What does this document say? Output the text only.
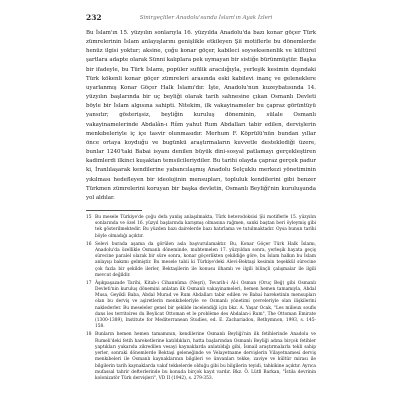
Sinirgeçliler Anadolu'sunda İslam'ın Ayak İzleri
232

Bu İslam'ın 15. yüzyılın sonlarıyla 16. yüzyılda Anadolu'da bazı konar göçer Türk zümrelerinin İslam anlayışlarını genişlikle etkileyen Şii motiflerle bu dönemlerde henüz ilgisi yoktur; aksine, çoğu konar göçer, kabileci soyseksenenlik ve kültürel şartlara adapte olarak Sünni kalıplara pek uymayan bir sistiğe bürünmüştür. Başka bir ifadeyle, bu Türk İslamı, popüler sufilik aracılığıyla, yerleşik kesimin dışındaki Türk kökenli konar göçer zümreleri arasında eski kabilevi inanç ve geleneklere uyarlanmış Konar Göçer Halk İslamı'dır. İşte, Anadolu'nun kuzeybatısında 14. yüzyılın başlarında bir uç beyliği olarak tarih sahnesine çıkan Osmanlı Devleti böyle bir İslam algısına sahipti. Nitekim, ilk vakayinameler bu çapraz görüntüyü yansıtır; gösterişsiz, beyliğin kuruluş döneminin, sülale Osmanlı vakayinamelerinde Abdalân-ı Rûm yahut Rum Abdalları tabir edilen, dervişlerin menkıbeleriyle iç içe tasvir olunmasıdır. Merhum F. Köprülü'nün bundan yıllar önce ortaya koyduğu ve bugünkü araştırmaların kuvvetle desteklediği üzere, bunlar 1240'taki Babai isyanı denilen büyük dini-sosyal patlamayı gerçekleştiren kadimlerdi ilkinci kuşaktan temsilcileriydiler. Bu tarihi olayda çapraz gerçek padur ki, İranlılaşarak kendilerine yabancılaşmış Anadolu Selçuklu merkezi yönetiminin yıkılması hedefleyen bir ideolojinin mensupları, topluluk kendilerini gibi benzer Türkmen zümrelerini koruyan bir başka devletin, Osmanlı Beyliği'nin kuruluşunda yol aldılar.

15 Bu mesele Türkiye'de çoğu defa yanlış anlaşılmakta, Türk heterodoksisi Şii motiflerle 15. yüzyılın sonlarında ve özel 16. yüzyıl başlarında karışmış olmasına rağmen, sanki baştan beri öyleymiş gibi tek gösterilmektedir. Bu yüzden bazı dairelerde bazı hatırlama ve tutulmaktadır. Oysa bunun tarihi böyle olmadığı açıktır.
16 Selevi burada aşama da görülen asla başvurulamaktır. Bu, Konar Göçer Türk Halk İslamı, Anadolu'da özellikle Osmanlı döneminde, muhtemelen 17. yüzyıldan sonra, yerleşik hayata geçiş sürecine paralel olarak bir süre sonra, konar göçerlikten çekildiğe göre, bu İslam halkın bu İslam anlayışı bakımı gelmiştir. Bu mesele tabii ki Türkiye'deki Alevi-Bektaşi kesimin teşekkül sürecine çok fazla bir şekilde ilerler, Bektaşilerin ile konusu ilhamlı ve ilgili bilinçli çalışmalar ile ilgili mevcut değildir.
17 Âşıkpaşazade Tarihi, Kitab-ı Cihannüma (Neşri), Tevarih-i Al-i Osman (Oruç Beğ) gibi Osmanlı Devleti'nin kuruluş dönemini anlatan ilk Osmanlı vakayinameleri, hemen hemen tamamıyla, Abdal Musa, Geyikli Baba, Abdal Murad ve Rum Abdalları tabir edilen ve Babai hareketinin mensupları olan bu derviş ve aşiretlerin menkıbeleriyle ve Osmanlı yönetimi çevreleriyle olan ilişkilerini naklederler. Bu meseleler genel bir şekilde incelendiği için bkz. A. Yaşar Ocak, "Les milieux soufis dans les territoires du Beylicat Ottoman et le problème des Abdalan-i Rum", The Ottoman Emirate (1300-1389), Institute for Mediterranean Studies, ed. E. Zachariadou, Rethymnon, 1993, s. 145-158.
18 Bunların hemen hemen tamamının, kendilerine Osmanlı Beyliği'nin ilk fetihlerinde Anadolu ve Rumeli'deki fetih hareketlerine katıldıkları, hatta başlarından Osmanlı Beyliği adına birçok fetihler yaptıkları yukarıda zikredilen vesayi kaynaklarda anlatıldığı gibi, İsmail araştırmalarla tekli sahip yerler, sonraki dönemlerde Bektaşi geleneğinde ve Velayetname dervişlerin Vilayetnamesi derviş menkıbeleri ile Osmanlı kaynaklarının bilgileri ve ünvanları tekke, zaviye ve kültür mirası ile bilgilerin tarih kaynaklarda vakıf tekkelerde olduğu gibi bu bilgilerin teyidi, tahkikine açıktır. Ayrıca mufassal tahrir defterlerinde bu konuda birçok kayıt vardır. Bkz. Ö. Lütfi Barkan, "İstila devrinin kolonizatör Türk dervişleri", VD II (1942), s. 279-353.
